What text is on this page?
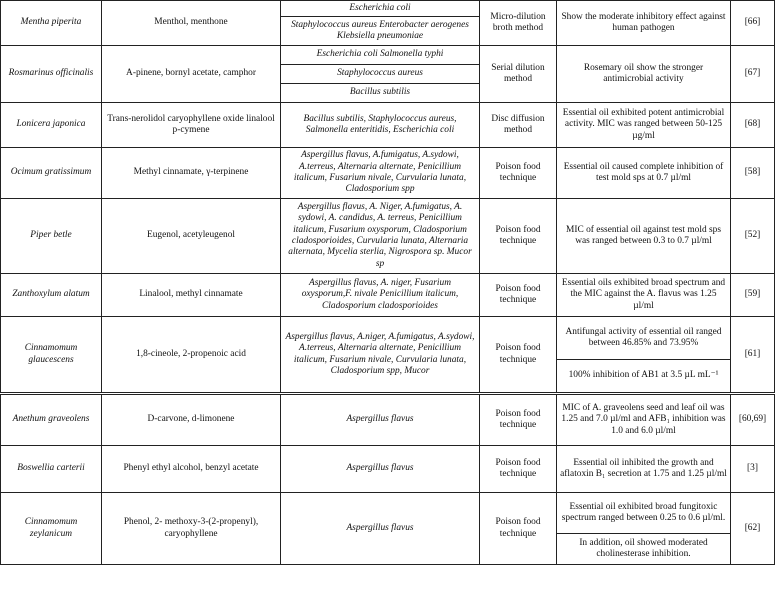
Mentha piperita	Menthol, menthone	Escherichia coli	Micro-dilution broth method	Show the moderate inhibitory effect against human pathogen	[66]
		Staphylococcus aureus Enterobacter aerogenes Klebsiella pneumoniae			
Rosmarinus officinalis	A-pinene, bornyl acetate, camphor	Escherichia coli Salmonella typhi	Serial dilution method	Rosemary oil show the stronger antimicrobial activity	[67]
		Staphylococcus aureus			
		Bacillus subtilis			
Lonicera japonica	Trans-nerolidol caryophyllene oxide linalool p-cymene	Bacillus subtilis, Staphylococcus aureus, Salmonella enteritidis, Escherichia coli	Disc diffusion method	Essential oil exhibited potent antimicrobial activity. MIC was ranged between 50-125 µg/ml	[68]
Ocimum gratissimum	Methyl cinnamate, γ-terpinene	Aspergillus flavus, A.fumigatus, A.sydowi, A.terreus, Alternaria alternate, Penicillium italicum, Fusarium nivale, Curvularia lunata, Cladosporium spp	Poison food technique	Essential oil caused complete inhibition of test mold sps at 0.7 µl/ml	[58]
Piper betle	Eugenol, acetyleugenol	Aspergillus flavus, A. Niger, A.fumigatus, A. sydowi, A. candidus, A. terreus, Penicillium italicum, Fusarium oxysporum, Cladosporium cladosporioides, Curvularia lunata, Alternaria alternata, Mycelia sterlia, Nigrospora sp. Mucor sp	Poison food technique	MIC of essential oil against test mold sps was ranged between 0.3 to 0.7 µl/ml	[52]
Zanthoxylum alatum	Linalool, methyl cinnamate	Aspergillus flavus, A. niger, Fusarium oxysporum,F. nivale Penicillium italicum, Cladosporium cladosporioides	Poison food technique	Essential oils exhibited broad spectrum and the MIC against the A. flavus was 1.25 µl/ml	[59]
Cinnamomum glaucescens	1,8-cineole, 2-propenoic acid	Aspergillus flavus, A.niger, A.fumigatus, A.sydowi, A.terreus, Alternaria alternate, Penicillium italicum, Fusarium nivale, Curvularia lunata, Cladosporium spp, Mucor	Poison food technique	Antifungal activity of essential oil ranged between 46.85% and 73.95%	[61]
				100% inhibition of AB1 at 3.5 µL mL⁻¹	
Anethum graveolens	D-carvone, d-limonene	Aspergillus flavus	Poison food technique	MIC of A. graveolens seed and leaf oil was 1.25 and 7.0 µl/ml and AFB₁ inhibition was 1.0 and 6.0 µl/ml	[60,69]
Boswellia carterii	Phenyl ethyl alcohol, benzyl acetate	Aspergillus flavus	Poison food technique	Essential oil inhibited the growth and aflatoxin B₁ secretion at 1.75 and 1.25 µl/ml	[3]
Cinnamomum zeylanicum	Phenol, 2- methoxy-3-(2-propenyl), caryophyllene	Aspergillus flavus	Poison food technique	Essential oil exhibited broad fungitoxic spectrum ranged between 0.25 to 0.6 µl/ml.	[62]
				In addition, oil showed moderated cholinesterase inhibition.	
